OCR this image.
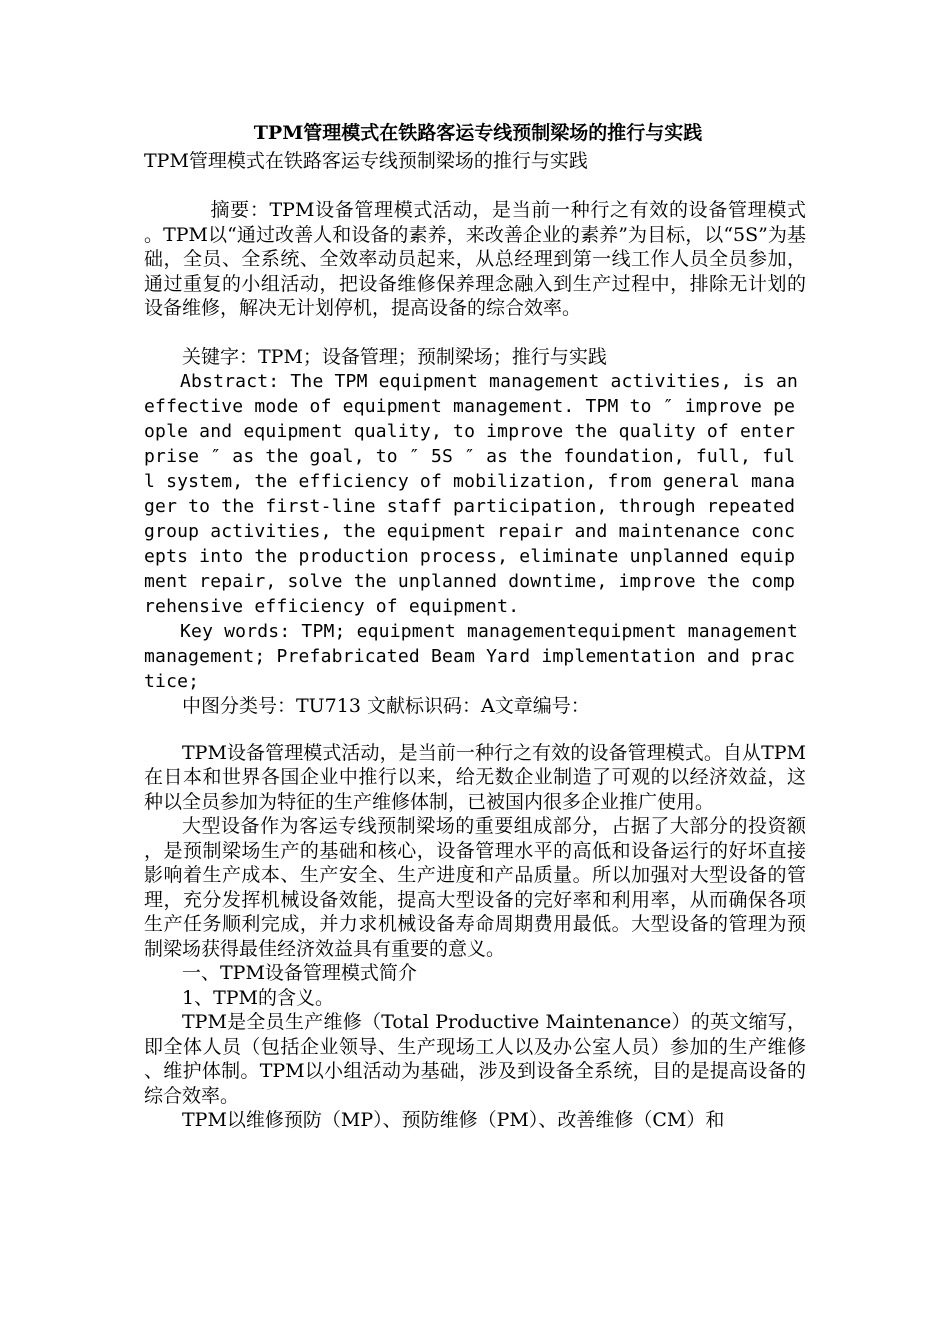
TPM管理模式在铁路客运专线预制梁场的推行与实践

TPM管理模式在铁路客运专线预制梁场的推行与实践

摘要：TPM设备管理模式活动，是当前一种行之有效的设备管理模式。TPM以“通过改善人和设备的素养，来改善企业的素养”为目标，以“5S”为基础，全员、全系统、全效率动员起来，从总经理到第一线工作人员全员参加，通过重复的小组活动，把设备维修保养理念融入到生产过程中，排除无计划的设备维修，解决无计划停机，提高设备的综合效率。

关键字：TPM；设备管理；预制梁场；推行与实践

Abstract: The TPM equipment management activities, is an effective mode of equipment management. TPM to ″ improve people and equipment quality, to improve the quality of enterprise ″ as the goal, to ″ 5S ″ as the foundation, full, full system, the efficiency of mobilization, from general manager to the first-line staff participation, through repeated group activities, the equipment repair and maintenance concepts into the production process, eliminate unplanned equipment repair, solve the unplanned downtime, improve the comprehensive efficiency of equipment.

Key words: TPM; equipment managementequipment management management; Prefabricated Beam Yard implementation and practice;

中图分类号：TU713 文献标识码：A文章编号：

TPM设备管理模式活动，是当前一种行之有效的设备管理模式。自从TPM在日本和世界各国企业中推行以来，给无数企业制造了可观的以经济效益，这种以全员参加为特征的生产维修体制，已被国内很多企业推广使用。

大型设备作为客运专线预制梁场的重要组成部分，占据了大部分的投资额，是预制梁场生产的基础和核心，设备管理水平的高低和设备运行的好坏直接影响着生产成本、生产安全、生产进度和产品质量。所以加强对大型设备的管理，充分发挥机械设备效能，提高大型设备的完好率和利用率，从而确保各项生产任务顺利完成，并力求机械设备寿命周期费用最低。大型设备的管理为预制梁场获得最佳经济效益具有重要的意义。

一、TPM设备管理模式简介

1、TPM的含义。

TPM是全员生产维修（Total Productive Maintenance）的英文缩写，即全体人员（包括企业领导、生产现场工人以及办公室人员）参加的生产维修、维护体制。TPM以小组活动为基础，涉及到设备全系统，目的是提高设备的综合效率。

TPM以维修预防（MP）、预防维修（PM）、改善维修（CM）和
